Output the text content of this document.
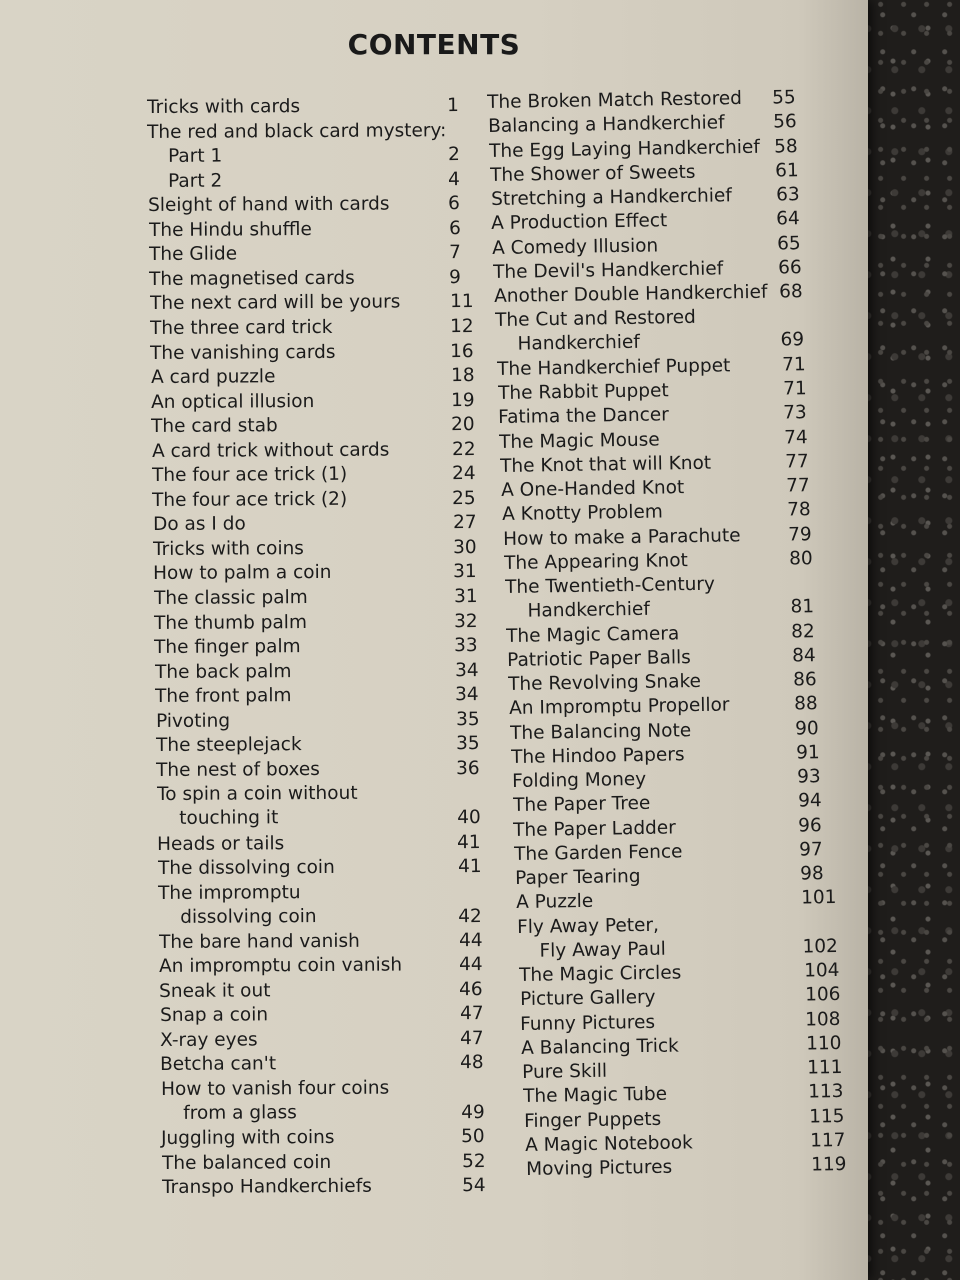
CONTENTS
Tricks with cards	1
The red and black card mystery:
Part 1	2
Part 2	4
Sleight of hand with cards	6
The Hindu shuffle	6
The Glide	7
The magnetised cards	9
The next card will be yours	11
The three card trick	12
The vanishing cards	16
A card puzzle	18
An optical illusion	19
The card stab	20
A card trick without cards	22
The four ace trick (1)	24
The four ace trick (2)	25
Do as I do	27
Tricks with coins	30
How to palm a coin	31
The classic palm	31
The thumb palm	32
The finger palm	33
The back palm	34
The front palm	34
Pivoting	35
The steeplejack	35
The nest of boxes	36
To spin a coin without
touching it	40
Heads or tails	41
The dissolving coin	41
The impromptu
dissolving coin	42
The bare hand vanish	44
An impromptu coin vanish	44
Sneak it out	46
Snap a coin	47
X-ray eyes	47
Betcha can't	48
How to vanish four coins
from a glass	49
Juggling with coins	50
The balanced coin	52
Transpo Handkerchiefs	54
The Broken Match Restored 55
Balancing a Handkerchief	56
The Egg Laying Handkerchief 58
The Shower of Sweets	61
Stretching a Handkerchief 63
A Production Effect	64
A Comedy Illusion	65
The Devil's Handkerchief	66
Another Double Handkerchief 68
The Cut and Restored
Handkerchief	69
The Handkerchief Puppet	71
The Rabbit Puppet	71
Fatima the Dancer	73
The Magic Mouse	74
The Knot that will Knot	77
A One-Handed Knot	77
A Knotty Problem	78
How to make a Parachute	79
The Appearing Knot	80
The Twentieth-Century
Handkerchief	81
The Magic Camera	82
Patriotic Paper Balls	84
The Revolving Snake	86
An Impromptu Propellor	88
The Balancing Note	90
The Hindoo Papers	91
Folding Money	93
The Paper Tree	94
The Paper Ladder	96
The Garden Fence	97
Paper Tearing	98
A Puzzle	101
Fly Away Peter,
Fly Away Paul	102
The Magic Circles	104
Picture Gallery	106
Funny Pictures	108
A Balancing Trick	110
Pure Skill	111
The Magic Tube	113
Finger Puppets	115
A Magic Notebook	117
Moving Pictures	119
